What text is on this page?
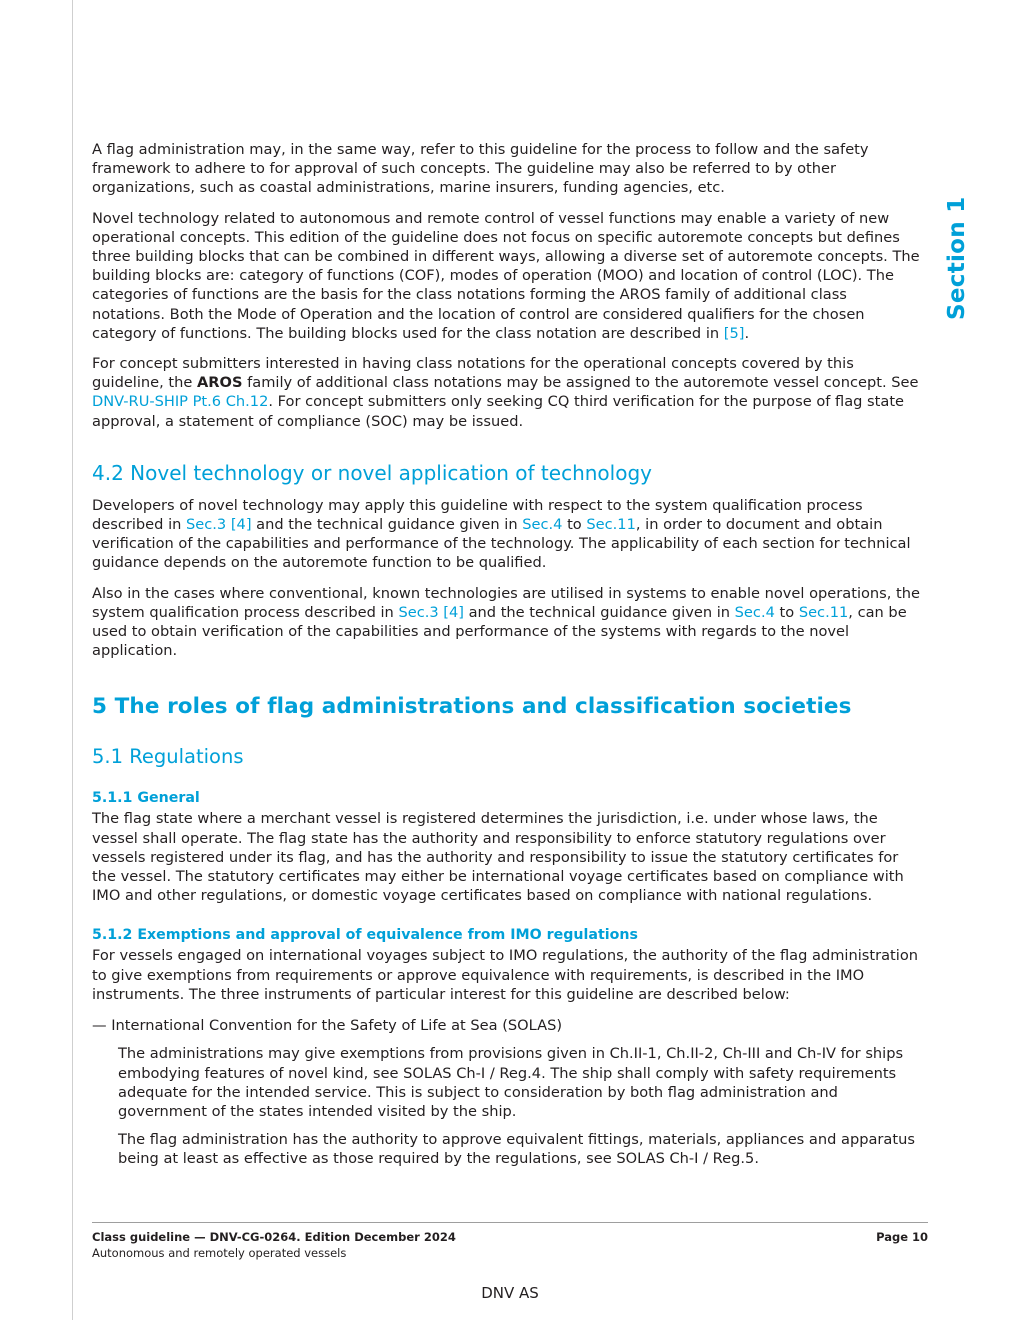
Section 1

A flag administration may, in the same way, refer to this guideline for the process to follow and the safety framework to adhere to for approval of such concepts. The guideline may also be referred to by other organizations, such as coastal administrations, marine insurers, funding agencies, etc.

Novel technology related to autonomous and remote control of vessel functions may enable a variety of new operational concepts. This edition of the guideline does not focus on specific autoremote concepts but defines three building blocks that can be combined in different ways, allowing a diverse set of autoremote concepts. The building blocks are: category of functions (COF), modes of operation (MOO) and location of control (LOC). The categories of functions are the basis for the class notations forming the AROS family of additional class notations. Both the Mode of Operation and the location of control are considered qualifiers for the chosen category of functions. The building blocks used for the class notation are described in [5].

For concept submitters interested in having class notations for the operational concepts covered by this guideline, the AROS family of additional class notations may be assigned to the autoremote vessel concept. See DNV-RU-SHIP Pt.6 Ch.12. For concept submitters only seeking CQ third verification for the purpose of flag state approval, a statement of compliance (SOC) may be issued.

4.2 Novel technology or novel application of technology

Developers of novel technology may apply this guideline with respect to the system qualification process described in Sec.3 [4] and the technical guidance given in Sec.4 to Sec.11, in order to document and obtain verification of the capabilities and performance of the technology. The applicability of each section for technical guidance depends on the autoremote function to be qualified.

Also in the cases where conventional, known technologies are utilised in systems to enable novel operations, the system qualification process described in Sec.3 [4] and the technical guidance given in Sec.4 to Sec.11, can be used to obtain verification of the capabilities and performance of the systems with regards to the novel application.

5 The roles of flag administrations and classification societies
5.1 Regulations
5.1.1 General

The flag state where a merchant vessel is registered determines the jurisdiction, i.e. under whose laws, the vessel shall operate. The flag state has the authority and responsibility to enforce statutory regulations over vessels registered under its flag, and has the authority and responsibility to issue the statutory certificates for the vessel. The statutory certificates may either be international voyage certificates based on compliance with IMO and other regulations, or domestic voyage certificates based on compliance with national regulations.

5.1.2 Exemptions and approval of equivalence from IMO regulations

For vessels engaged on international voyages subject to IMO regulations, the authority of the flag administration to give exemptions from requirements or approve equivalence with requirements, is described in the IMO instruments. The three instruments of particular interest for this guideline are described below:

— International Convention for the Safety of Life at Sea (SOLAS)

The administrations may give exemptions from provisions given in Ch.II-1, Ch.II-2, Ch-III and Ch-IV for ships embodying features of novel kind, see SOLAS Ch-I / Reg.4. The ship shall comply with safety requirements adequate for the intended service. This is subject to consideration by both flag administration and government of the states intended visited by the ship.

The flag administration has the authority to approve equivalent fittings, materials, appliances and apparatus being at least as effective as those required by the regulations, see SOLAS Ch-I / Reg.5.

Class guideline — DNV-CG-0264. Edition December 2024	Page 10
Autonomous and remotely operated vessels
DNV AS
